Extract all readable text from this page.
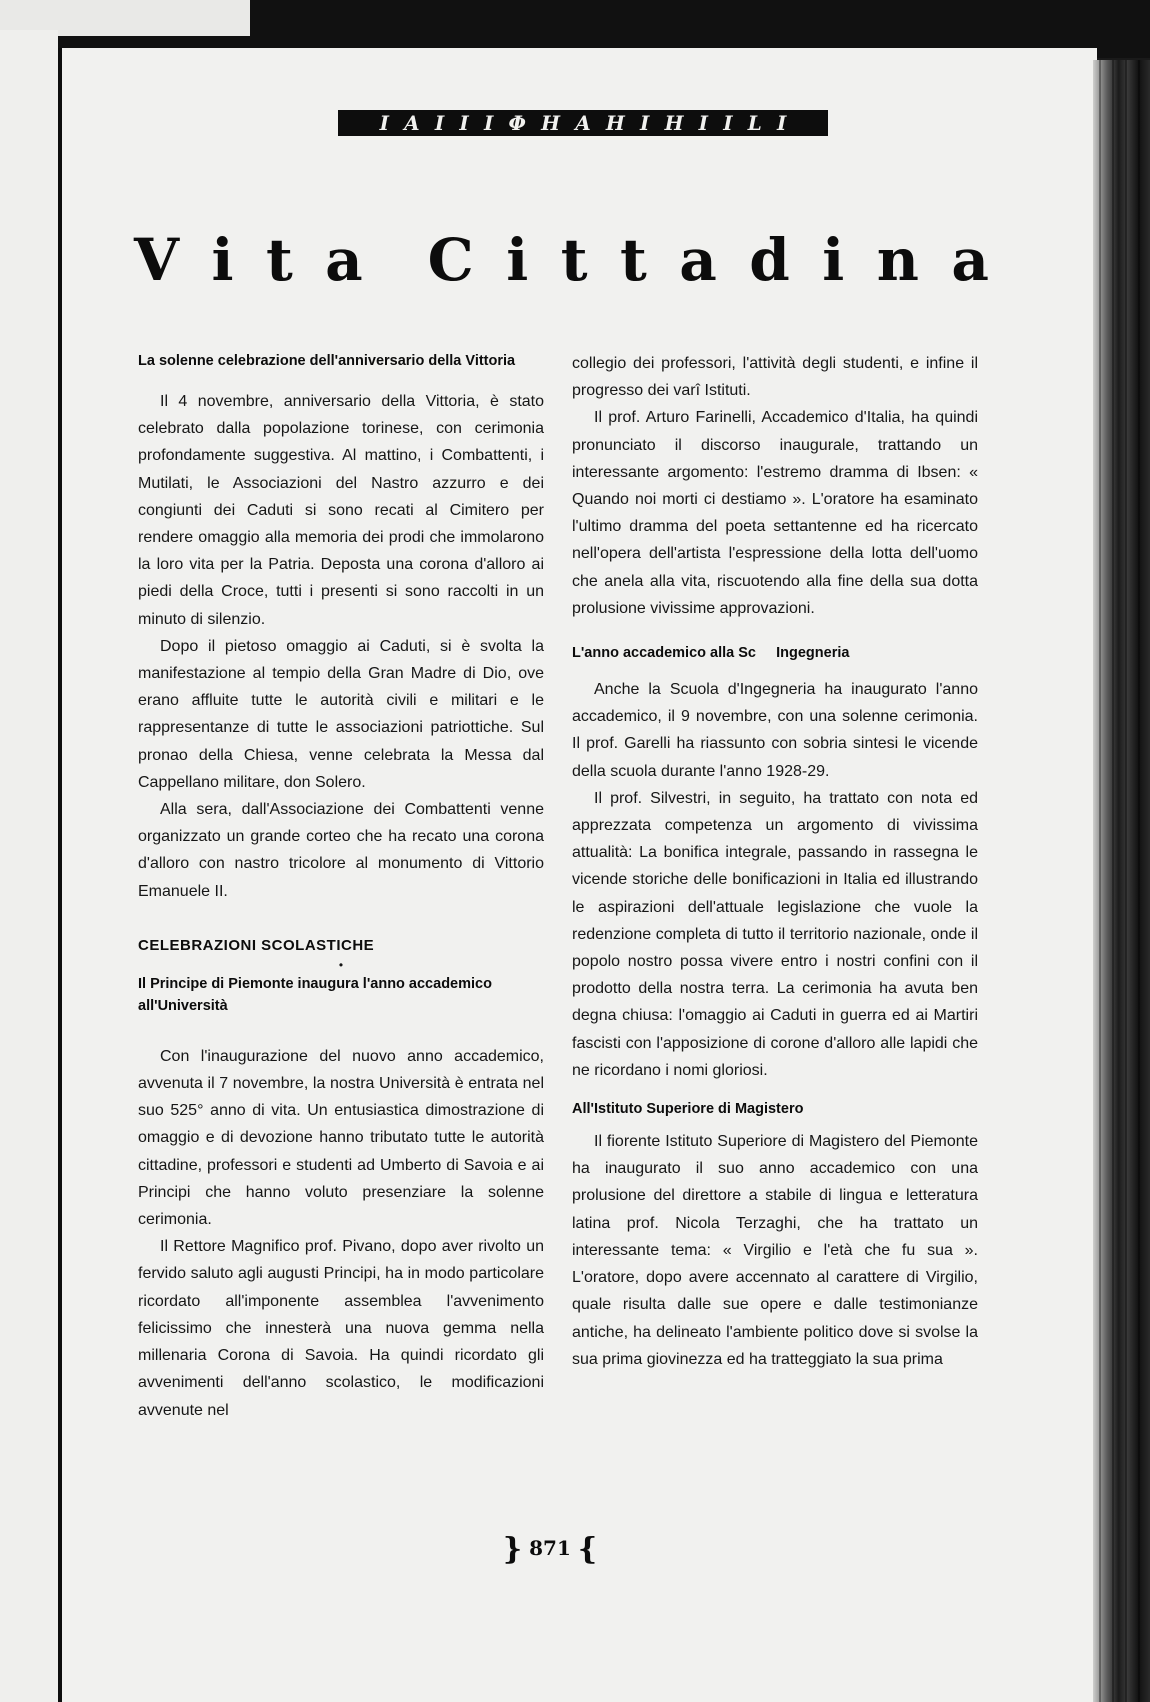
I A I I I Φ H A H I H I I L I
V i t a C i t t a d i n a
La solenne celebrazione dell'anniversario della Vittoria

Il 4 novembre, anniversario della Vittoria, è stato celebrato dalla popolazione torinese, con cerimonia profondamente suggestiva. Al mattino, i Combattenti, i Mutilati, le Associazioni del Nastro azzurro e dei congiunti dei Caduti si sono recati al Cimitero per rendere omaggio alla memoria dei prodi che immolarono la loro vita per la Patria. Deposta una corona d'alloro ai piedi della Croce, tutti i presenti si sono raccolti in un minuto di silenzio.

Dopo il pietoso omaggio ai Caduti, si è svolta la manifestazione al tempio della Gran Madre di Dio, ove erano affluite tutte le autorità civili e militari e le rappresentanze di tutte le associazioni patriottiche. Sul pronao della Chiesa, venne celebrata la Messa dal Cappellano militare, don Solero.

Alla sera, dall'Associazione dei Combattenti venne organizzato un grande corteo che ha recato una corona d'alloro con nastro tricolore al monumento di Vittorio Emanuele II.

CELEBRAZIONI SCOLASTICHE

•

Il Principe di Piemonte inaugura l'anno accademico all'Università

Con l'inaugurazione del nuovo anno accademico, avvenuta il 7 novembre, la nostra Università è entrata nel suo 525° anno di vita. Un entusiastica dimostrazione di omaggio e di devozione hanno tributato tutte le autorità cittadine, professori e studenti ad Umberto di Savoia e ai Principi che hanno voluto presenziare la solenne cerimonia.

Il Rettore Magnifico prof. Pivano, dopo aver rivolto un fervido saluto agli augusti Principi, ha in modo particolare ricordato all'imponente assemblea l'avvenimento felicissimo che innesterà una nuova gemma nella millenaria Corona di Savoia. Ha quindi ricordato gli avvenimenti dell'anno scolastico, le modificazioni avvenute nel

collegio dei professori, l'attività degli studenti, e infine il progresso dei varî Istituti.

Il prof. Arturo Farinelli, Accademico d'Italia, ha quindi pronunciato il discorso inaugurale, trattando un interessante argomento: l'estremo dramma di Ibsen: « Quando noi morti ci destiamo ». L'oratore ha esaminato l'ultimo dramma del poeta settantenne ed ha ricercato nell'opera dell'artista l'espressione della lotta dell'uomo che anela alla vita, riscuotendo alla fine della sua dotta prolusione vivissime approvazioni.

L'anno accademico alla Sc     Ingegneria

Anche la Scuola d'Ingegneria ha inaugurato l'anno accademico, il 9 novembre, con una solenne cerimonia. Il prof. Garelli ha riassunto con sobria sintesi le vicende della scuola durante l'anno 1928-29.

Il prof. Silvestri, in seguito, ha trattato con nota ed apprezzata competenza un argomento di vivissima attualità: La bonifica integrale, passando in rassegna le vicende storiche delle bonificazioni in Italia ed illustrando le aspirazioni dell'attuale legislazione che vuole la redenzione completa di tutto il territorio nazionale, onde il popolo nostro possa vivere entro i nostri confini con il prodotto della nostra terra. La cerimonia ha avuta ben degna chiusa: l'omaggio ai Caduti in guerra ed ai Martiri fascisti con l'apposizione di corone d'alloro alle lapidi che ne ricordano i nomi gloriosi.

All'Istituto Superiore di Magistero

Il fiorente Istituto Superiore di Magistero del Piemonte ha inaugurato il suo anno accademico con una prolusione del direttore a stabile di lingua e letteratura latina prof. Nicola Terzaghi, che ha trattato un interessante tema: « Virgilio e l'età che fu sua ». L'oratore, dopo avere accennato al carattere di Virgilio, quale risulta dalle sue opere e dalle testimonianze antiche, ha delineato l'ambiente politico dove si svolse la sua prima giovinezza ed ha tratteggiato la sua prima

} 871 {
